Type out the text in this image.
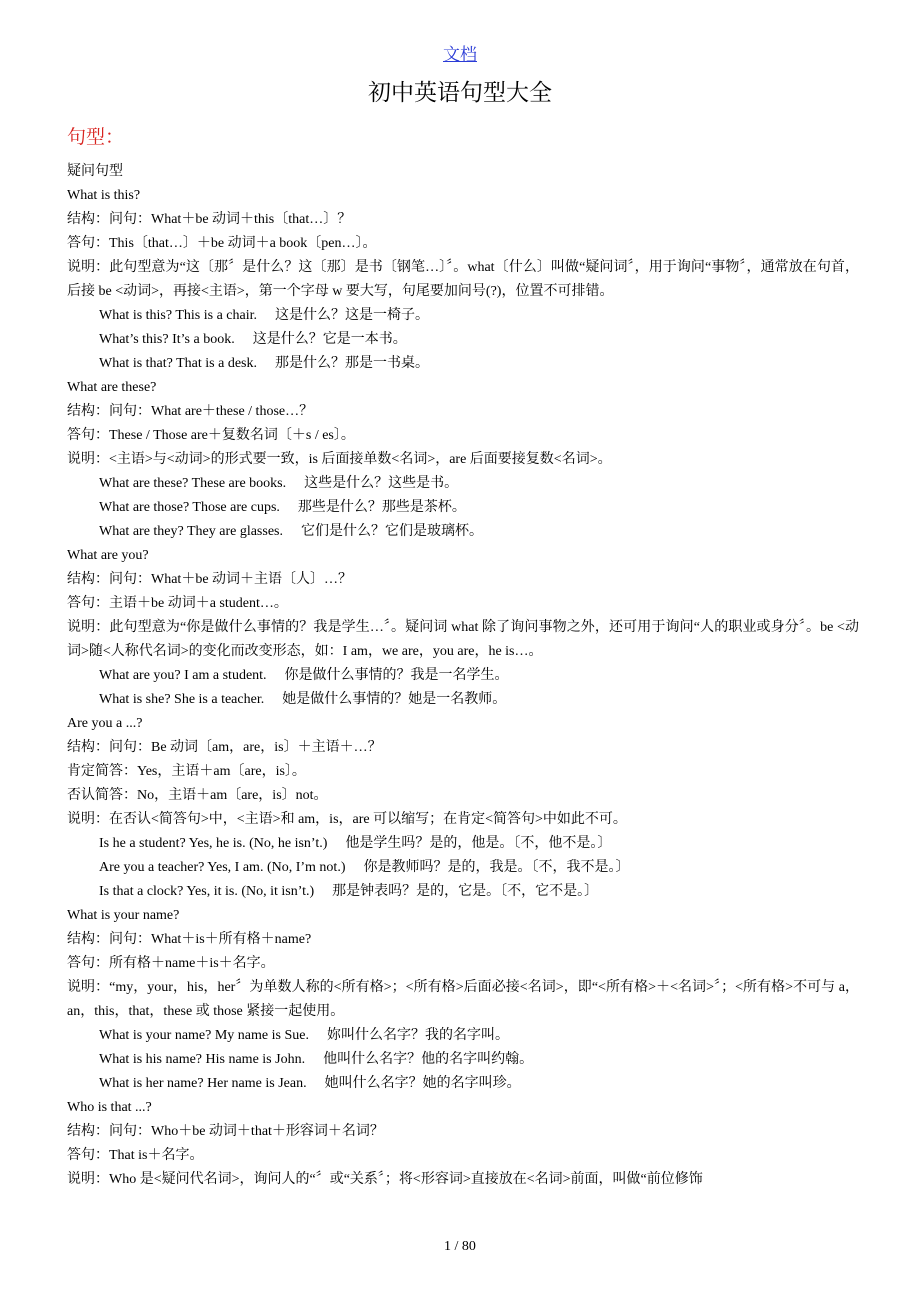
文档
初中英语句型大全
句型：
疑问句型
What is this?
结构：问句：What＋be 动词＋this〔that…〕？
答句：This〔that…〕＋be 动词＋a book〔pen…〕。
说明：此句型意为“这〔那〞是什么？这〔那〕是书〔钢笔…〕〞。what〔什么〕叫做“疑问词〞，用于询问“事物〞，通常放在句首，后接 be <动词>，再接<主语>，第一个字母 w 要大写，句尾要加问号(?)，位置不可排错。
What is this? This is a chair. 这是什么？这是一椅子。
What’s this? It’s a book. 这是什么？它是一本书。
What is that? That is a desk. 那是什么？那是一书桌。
What are these?
结构：问句：What are＋these / those…？
答句：These / Those are＋复数名词〔＋s / es〕。
说明：<主语>与<动词>的形式要一致，is 后面接单数<名词>，are 后面要接复数<名词>。
What are these? These are books. 这些是什么？这些是书。
What are those? Those are cups. 那些是什么？那些是茶杯。
What are they? They are glasses. 它们是什么？它们是玻璃杯。
What are you?
结构：问句：What＋be 动词＋主语〔人〕…？
答句：主语＋be 动词＋a student…。
说明：此句型意为“你是做什么事情的？我是学生…〞。疑问词 what 除了询问事物之外，还可用于询问“人的职业或身分〞。be <动词>随<人称代名词>的变化而改变形态，如：I am，we are，you are，he is…。
What are you? I am a student. 你是做什么事情的？我是一名学生。
What is she? She is a teacher. 她是做什么事情的？她是一名教师。
Are you a ...?
结构：问句：Be 动词〔am，are，is〕＋主语＋…？
肯定简答：Yes，主语＋am〔are，is〕。
否认简答：No，主语＋am〔are，is〕not。
说明：在否认<简答句>中，<主语>和 am，is，are 可以缩写；在肯定<简答句>中如此不可。
Is he a student? Yes, he is. (No, he isn’t.) 他是学生吗？是的，他是。〔不，他不是。〕
Are you a teacher? Yes, I am. (No, I’m not.) 你是教师吗？是的，我是。〔不，我不是。〕
Is that a clock? Yes, it is. (No, it isn’t.) 那是钟表吗？是的，它是。〔不，它不是。〕
What is your name?
结构：问句：What＋is＋所有格＋name?
答句：所有格＋name＋is＋名字。
说明：“my，your，his，her〞为单数人称的<所有格>；<所有格>后面必接<名词>，即“<所有格>＋<名词>〞；<所有格>不可与 a，an，this，that，these 或 those 紧接一起使用。
What is your name? My name is Sue. 妳叫什么名字？我的名字叫。
What is his name? His name is John. 他叫什么名字？他的名字叫约翰。
What is her name? Her name is Jean. 她叫什么名字？她的名字叫珍。
Who is that ...?
结构：问句：Who＋be 动词＋that＋形容词＋名词？
答句：That is＋名字。
说明：Who 是<疑问代名词>，询问人的“〞或“关系〞；将<形容词>直接放在<名词>前面，叫做“前位修饰
1 / 80
